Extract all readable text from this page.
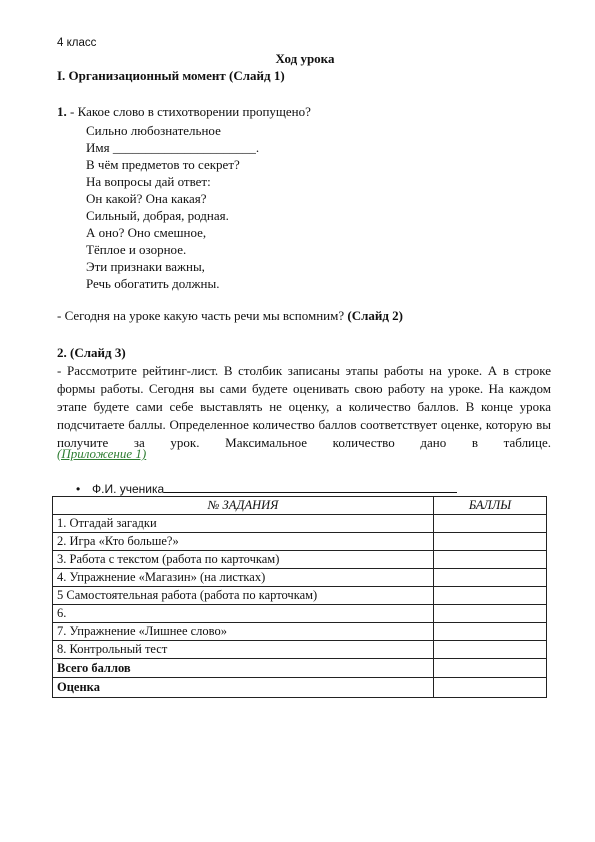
4 класс
Ход урока
I. Организационный момент (Слайд 1)
1. - Какое слово в стихотворении пропущено?
Сильно любознательное
Имя ______________________.
В чём предметов то секрет?
На вопросы дай ответ:
Он какой? Она какая?
Сильный, добрая, родная.
А оно? Оно смешное,
Тёплое и озорное.
Эти признаки важны,
Речь обогатить должны.
- Сегодня на уроке какую часть речи мы вспомним? (Слайд 2)
2. (Слайд 3)
- Рассмотрите рейтинг-лист. В столбик записаны этапы работы на уроке. А в строке формы работы. Сегодня вы сами будете оценивать свою работу на уроке. На каждом этапе будете сами себе выставлять не оценку, а количество баллов. В конце урока подсчитаете баллы. Определенное количество баллов соответствует оценке, которую вы получите за урок. Максимальное количество дано в таблице.
(Приложение 1)
• Ф.И. ученика
№ ЗАДАНИЯ	БАЛЛЫ
1. Отгадай загадки	
2. Игра «Кто больше?»	
3. Работа с текстом (работа по карточкам)	
4. Упражнение «Магазин» (на листках)	
5 Самостоятельная работа (работа по карточкам)	
6.	
7. Упражнение «Лишнее слово»	
8. Контрольный тест	
Всего баллов	
Оценка	
